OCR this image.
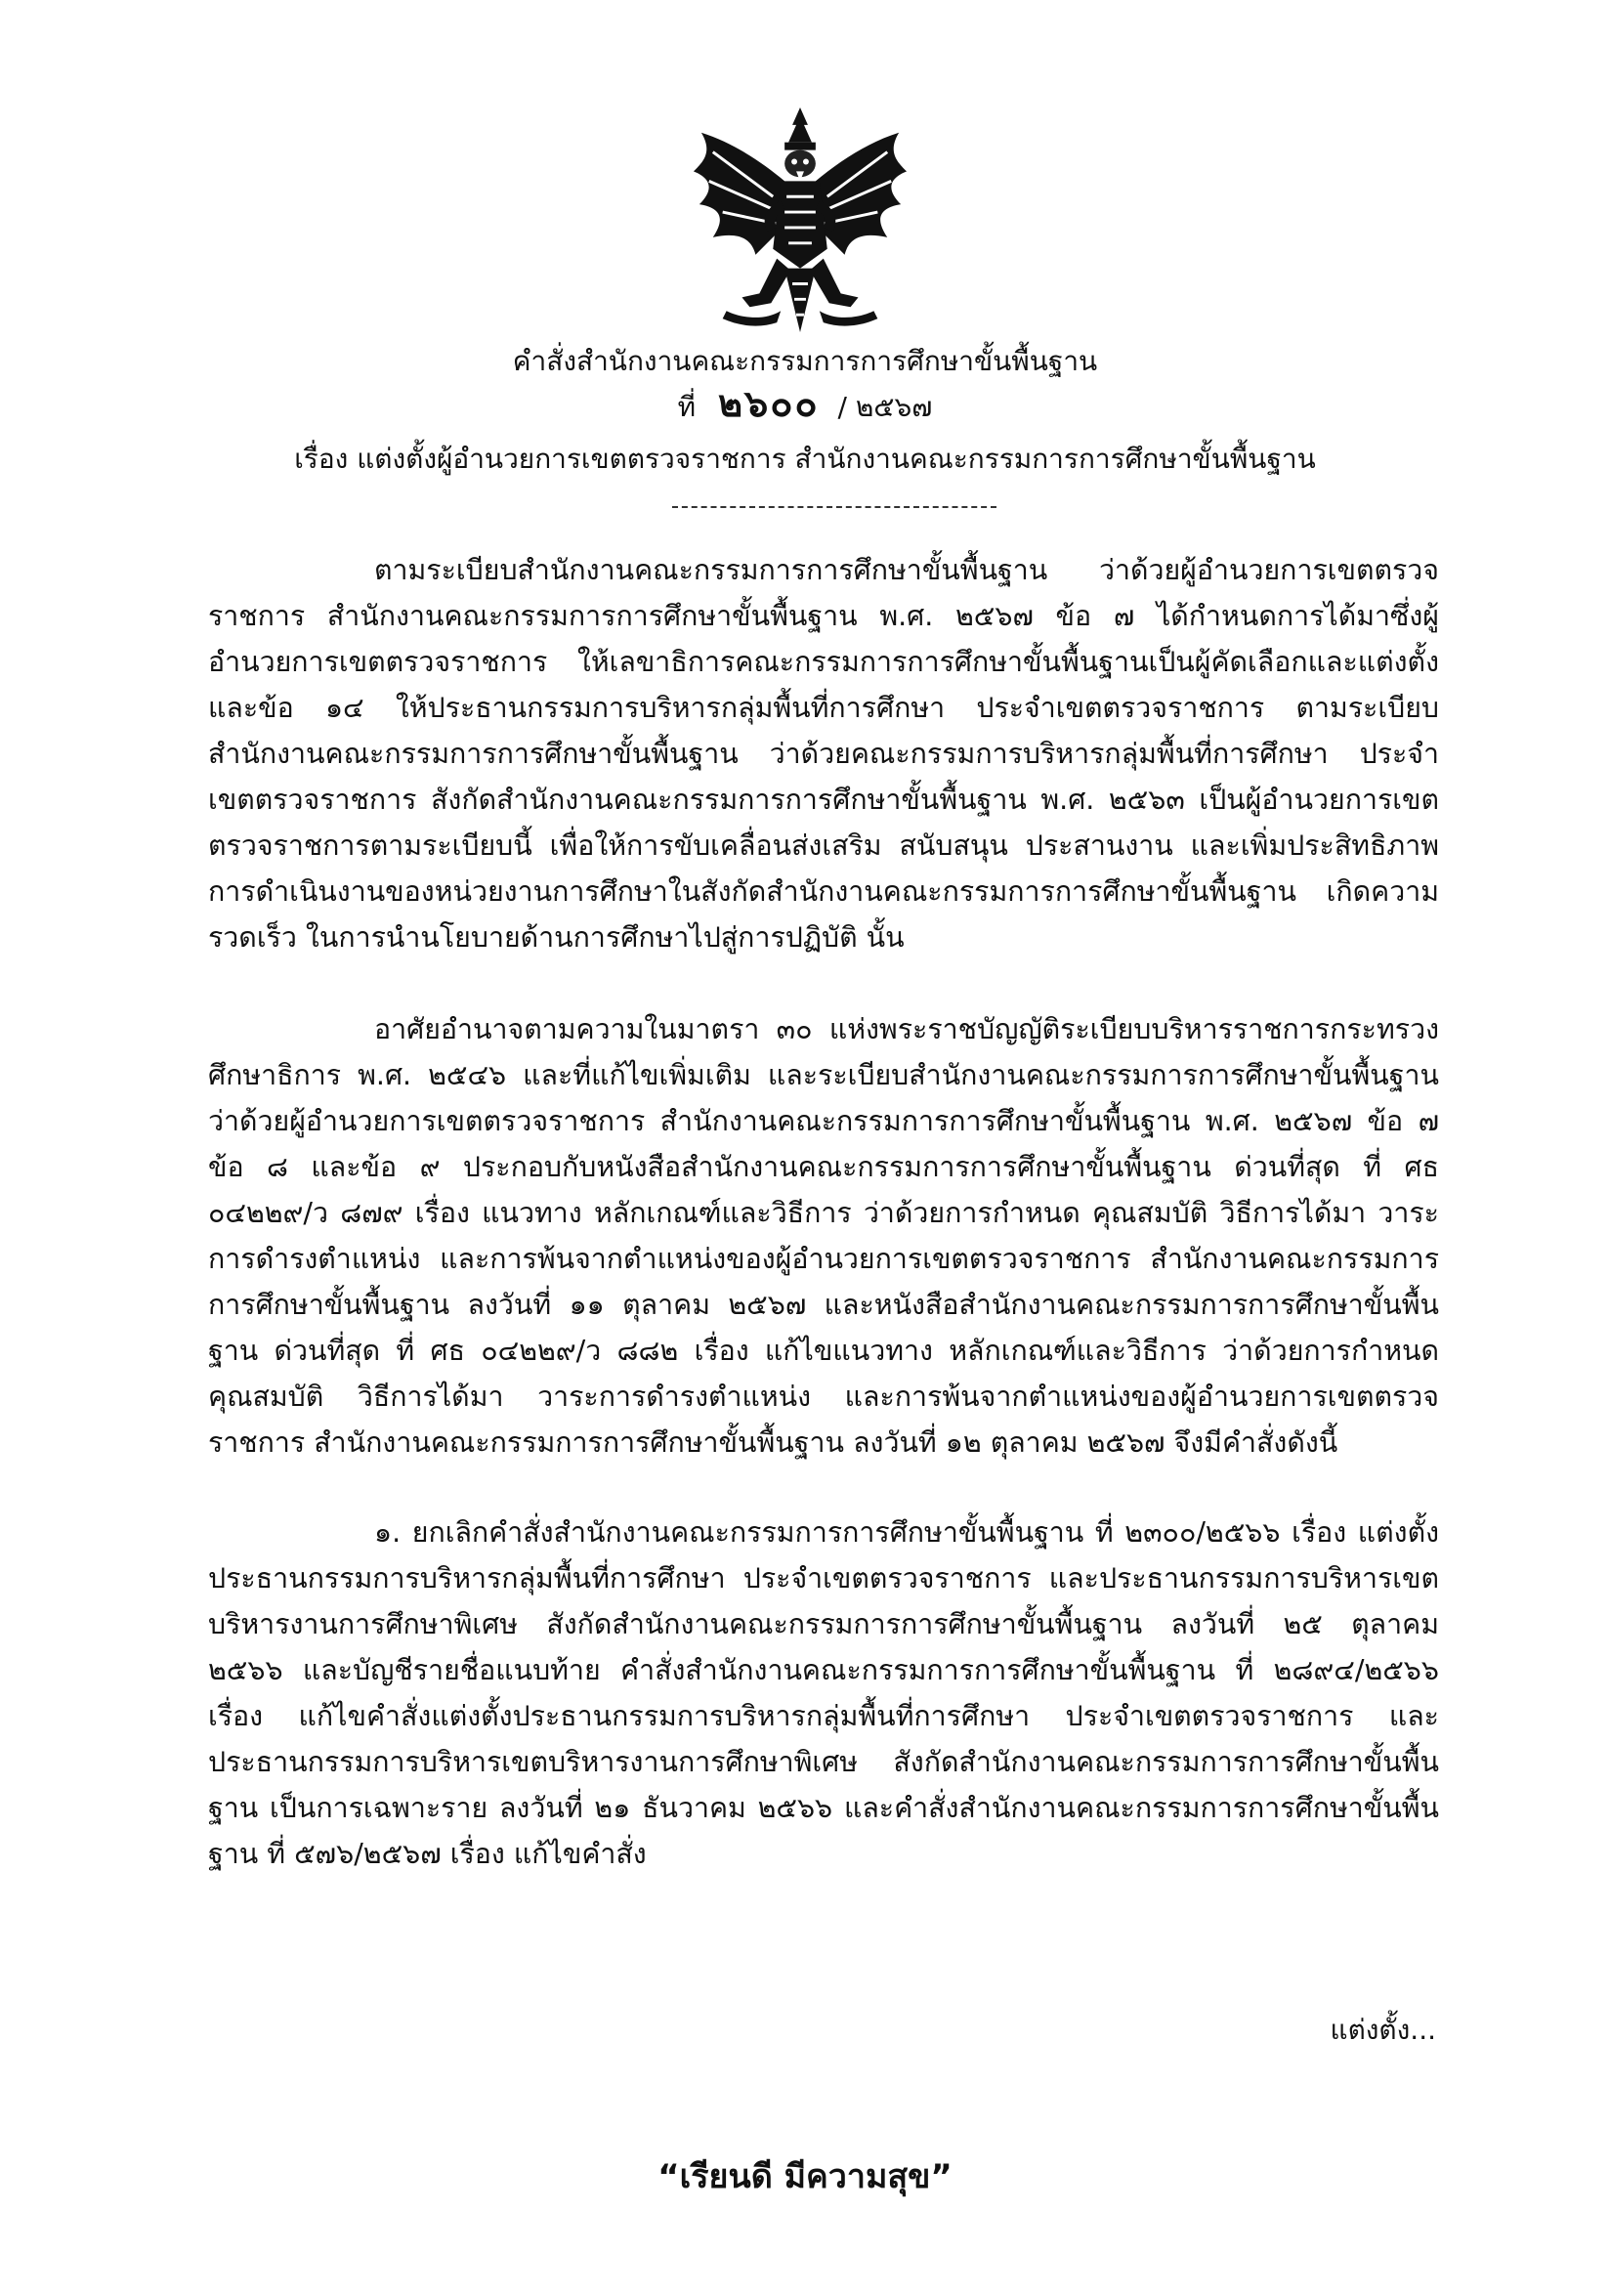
คำสั่งสำนักงานคณะกรรมการการศึกษาขั้นพื้นฐาน
ที่ ๒๖๐๐ / ๒๕๖๗
เรื่อง แต่งตั้งผู้อำนวยการเขตตรวจราชการ สำนักงานคณะกรรมการการศึกษาขั้นพื้นฐาน

ตามระเบียบสำนักงานคณะกรรมการการศึกษาขั้นพื้นฐาน ว่าด้วยผู้อำนวยการเขตตรวจราชการ สำนักงานคณะกรรมการการศึกษาขั้นพื้นฐาน พ.ศ. ๒๕๖๗ ข้อ ๗ ได้กำหนดการได้มาซึ่งผู้อำนวยการเขตตรวจราชการ ให้เลขาธิการคณะกรรมการการศึกษาขั้นพื้นฐานเป็นผู้คัดเลือกและแต่งตั้ง และข้อ ๑๔ ให้ประธานกรรมการบริหารกลุ่มพื้นที่การศึกษา ประจำเขตตรวจราชการ ตามระเบียบสำนักงานคณะกรรมการการศึกษาขั้นพื้นฐาน ว่าด้วยคณะกรรมการบริหารกลุ่มพื้นที่การศึกษา ประจำเขตตรวจราชการ สังกัดสำนักงานคณะกรรมการการศึกษาขั้นพื้นฐาน พ.ศ. ๒๕๖๓ เป็นผู้อำนวยการเขตตรวจราชการตามระเบียบนี้ เพื่อให้การขับเคลื่อนส่งเสริม สนับสนุน ประสานงาน และเพิ่มประสิทธิภาพการดำเนินงานของหน่วยงานการศึกษาในสังกัดสำนักงานคณะกรรมการการศึกษาขั้นพื้นฐาน เกิดความรวดเร็ว ในการนำนโยบายด้านการศึกษาไปสู่การปฏิบัติ นั้น

อาศัยอำนาจตามความในมาตรา ๓๐ แห่งพระราชบัญญัติระเบียบบริหารราชการกระทรวงศึกษาธิการ พ.ศ. ๒๕๔๖ และที่แก้ไขเพิ่มเติม และระเบียบสำนักงานคณะกรรมการการศึกษาขั้นพื้นฐาน ว่าด้วยผู้อำนวยการเขตตรวจราชการ สำนักงานคณะกรรมการการศึกษาขั้นพื้นฐาน พ.ศ. ๒๕๖๗ ข้อ ๗ ข้อ ๘ และข้อ ๙ ประกอบกับหนังสือสำนักงานคณะกรรมการการศึกษาขั้นพื้นฐาน ด่วนที่สุด ที่ ศธ ๐๔๒๒๙/ว ๘๗๙ เรื่อง แนวทาง หลักเกณฑ์และวิธีการ ว่าด้วยการกำหนด คุณสมบัติ วิธีการได้มา วาระการดำรงตำแหน่ง และการพ้นจากตำแหน่งของผู้อำนวยการเขตตรวจราชการ สำนักงานคณะกรรมการการศึกษาขั้นพื้นฐาน ลงวันที่ ๑๑ ตุลาคม ๒๕๖๗ และหนังสือสำนักงานคณะกรรมการการศึกษาขั้นพื้นฐาน ด่วนที่สุด ที่ ศธ ๐๔๒๒๙/ว ๘๘๒ เรื่อง แก้ไขแนวทาง หลักเกณฑ์และวิธีการ ว่าด้วยการกำหนด คุณสมบัติ วิธีการได้มา วาระการดำรงตำแหน่ง และการพ้นจากตำแหน่งของผู้อำนวยการเขตตรวจราชการ สำนักงานคณะกรรมการการศึกษาขั้นพื้นฐาน ลงวันที่ ๑๒ ตุลาคม ๒๕๖๗ จึงมีคำสั่งดังนี้

๑. ยกเลิกคำสั่งสำนักงานคณะกรรมการการศึกษาขั้นพื้นฐาน ที่ ๒๓๐๐/๒๕๖๖ เรื่อง แต่งตั้งประธานกรรมการบริหารกลุ่มพื้นที่การศึกษา ประจำเขตตรวจราชการ และประธานกรรมการบริหารเขตบริหารงานการศึกษาพิเศษ สังกัดสำนักงานคณะกรรมการการศึกษาขั้นพื้นฐาน ลงวันที่ ๒๕ ตุลาคม ๒๕๖๖ และบัญชีรายชื่อแนบท้าย คำสั่งสำนักงานคณะกรรมการการศึกษาขั้นพื้นฐาน ที่ ๒๘๙๔/๒๕๖๖ เรื่อง แก้ไขคำสั่งแต่งตั้งประธานกรรมการบริหารกลุ่มพื้นที่การศึกษา ประจำเขตตรวจราชการ และประธานกรรมการบริหารเขตบริหารงานการศึกษาพิเศษ สังกัดสำนักงานคณะกรรมการการศึกษาขั้นพื้นฐาน เป็นการเฉพาะราย ลงวันที่ ๒๑ ธันวาคม ๒๕๖๖ และคำสั่งสำนักงานคณะกรรมการการศึกษาขั้นพื้นฐาน ที่ ๕๗๖/๒๕๖๗ เรื่อง แก้ไขคำสั่ง

แต่งตั้ง...
“เรียนดี มีความสุข”
